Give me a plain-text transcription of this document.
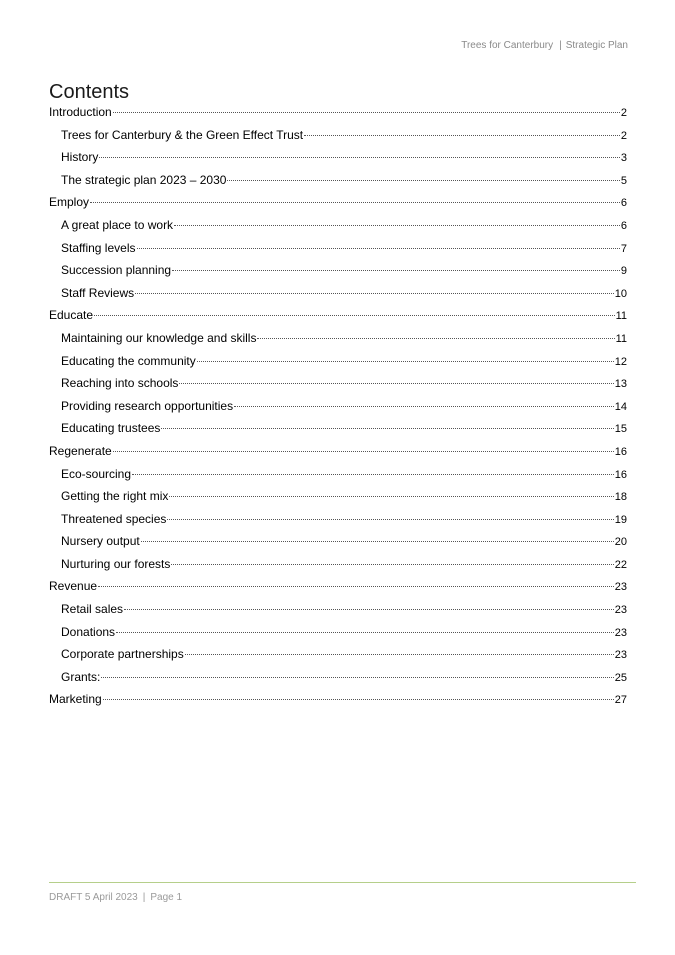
Trees for Canterbury | Strategic Plan
Contents
Introduction	2
Trees for Canterbury & the Green Effect Trust	2
History	3
The strategic plan 2023 – 2030	5
Employ	6
A great place to work	6
Staffing levels	7
Succession planning	9
Staff Reviews	10
Educate	11
Maintaining our knowledge and skills	11
Educating the community	12
Reaching into schools	13
Providing research opportunities	14
Educating trustees	15
Regenerate	16
Eco-sourcing	16
Getting the right mix	18
Threatened species	19
Nursery output	20
Nurturing our forests	22
Revenue	23
Retail sales	23
Donations	23
Corporate partnerships	23
Grants:	25
Marketing	27
DRAFT 5 April 2023 | Page 1
